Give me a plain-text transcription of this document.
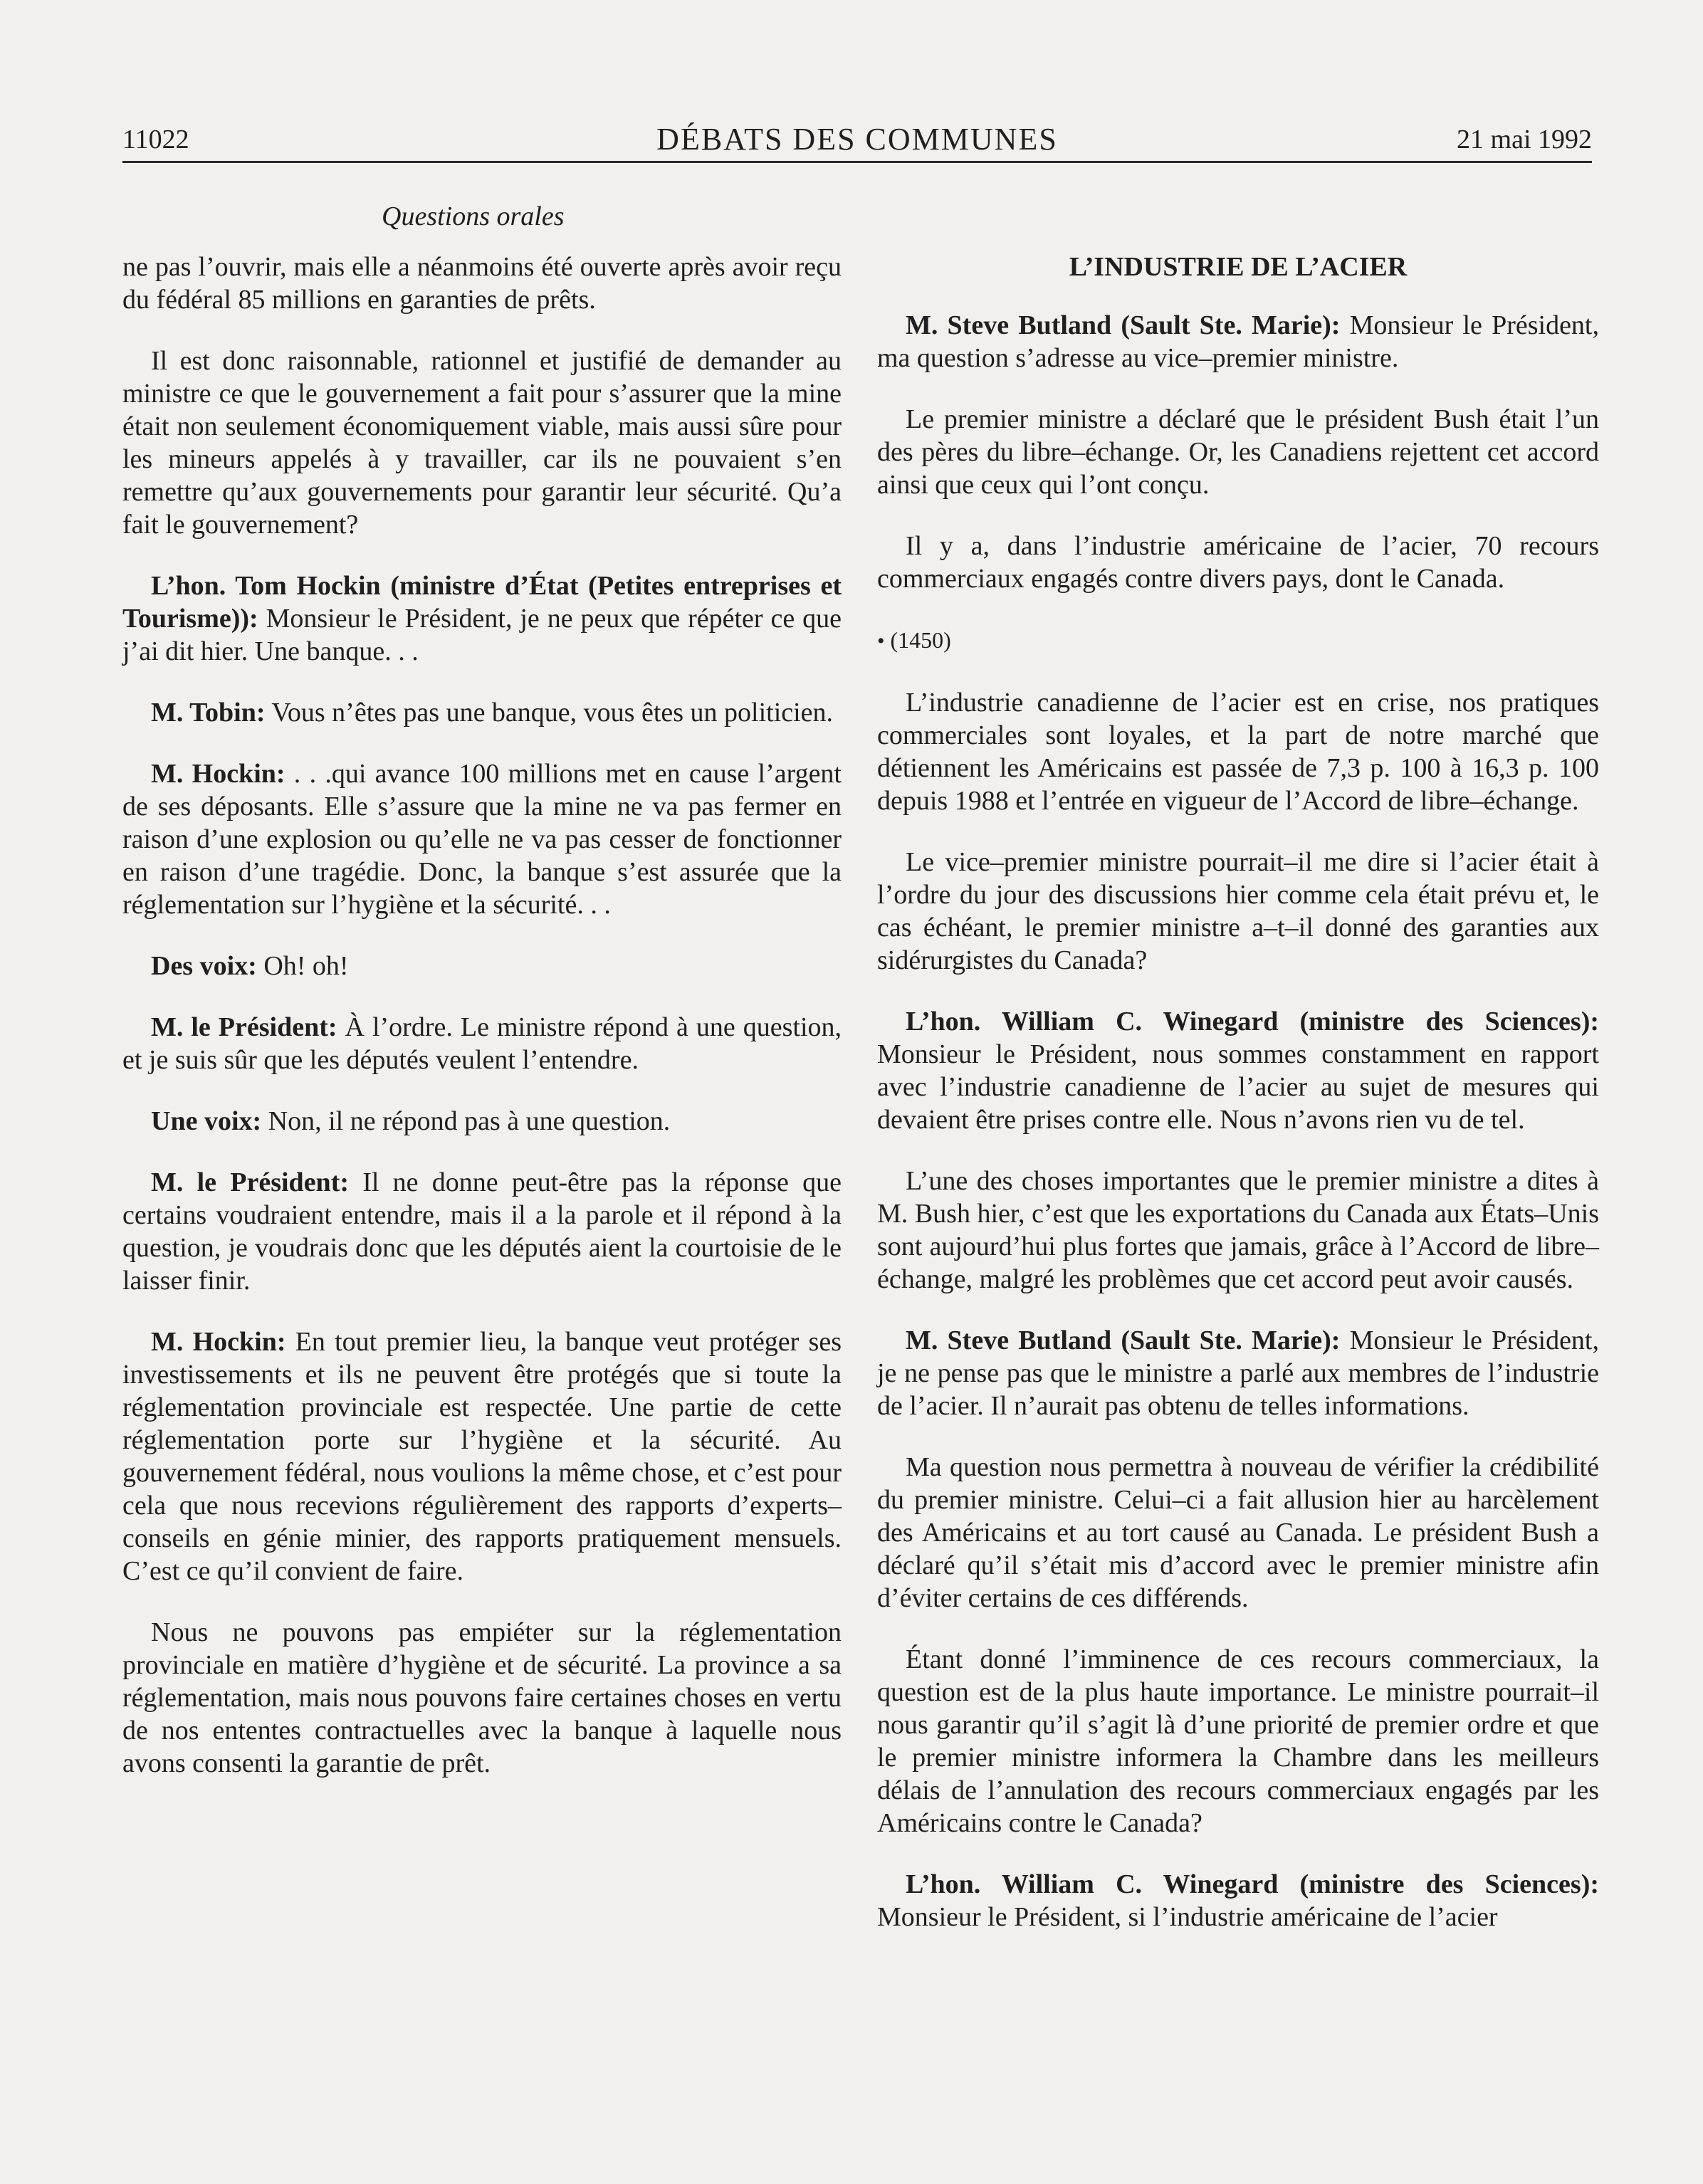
11022	DÉBATS DES COMMUNES	21 mai 1992
Questions orales

ne pas l’ouvrir, mais elle a néanmoins été ouverte après avoir reçu du fédéral 85 millions en garanties de prêts.

Il est donc raisonnable, rationnel et justifié de demander au ministre ce que le gouvernement a fait pour s’assurer que la mine était non seulement économiquement viable, mais aussi sûre pour les mineurs appelés à y travailler, car ils ne pouvaient s’en remettre qu’aux gouvernements pour garantir leur sécurité. Qu’a fait le gouvernement?

L’hon. Tom Hockin (ministre d’État (Petites entreprises et Tourisme)): Monsieur le Président, je ne peux que répéter ce que j’ai dit hier. Une banque. . .

M. Tobin: Vous n’êtes pas une banque, vous êtes un politicien.

M. Hockin: . . .qui avance 100 millions met en cause l’argent de ses déposants. Elle s’assure que la mine ne va pas fermer en raison d’une explosion ou qu’elle ne va pas cesser de fonctionner en raison d’une tragédie. Donc, la banque s’est assurée que la réglementation sur l’hygiène et la sécurité. . .

Des voix: Oh! oh!

M. le Président: À l’ordre. Le ministre répond à une question, et je suis sûr que les députés veulent l’entendre.

Une voix: Non, il ne répond pas à une question.

M. le Président: Il ne donne peut-être pas la réponse que certains voudraient entendre, mais il a la parole et il répond à la question, je voudrais donc que les députés aient la courtoisie de le laisser finir.

M. Hockin: En tout premier lieu, la banque veut protéger ses investissements et ils ne peuvent être protégés que si toute la réglementation provinciale est respectée. Une partie de cette réglementation porte sur l’hygiène et la sécurité. Au gouvernement fédéral, nous voulions la même chose, et c’est pour cela que nous recevions régulièrement des rapports d’experts–conseils en génie minier, des rapports pratiquement mensuels. C’est ce qu’il convient de faire.

Nous ne pouvons pas empiéter sur la réglementation provinciale en matière d’hygiène et de sécurité. La province a sa réglementation, mais nous pouvons faire certaines choses en vertu de nos ententes contractuelles avec la banque à laquelle nous avons consenti la garantie de prêt.

L’INDUSTRIE DE L’ACIER

M. Steve Butland (Sault Ste. Marie): Monsieur le Président, ma question s’adresse au vice–premier ministre.

Le premier ministre a déclaré que le président Bush était l’un des pères du libre–échange. Or, les Canadiens rejettent cet accord ainsi que ceux qui l’ont conçu.

Il y a, dans l’industrie américaine de l’acier, 70 recours commerciaux engagés contre divers pays, dont le Canada.

• (1450)

L’industrie canadienne de l’acier est en crise, nos pratiques commerciales sont loyales, et la part de notre marché que détiennent les Américains est passée de 7,3 p. 100 à 16,3 p. 100 depuis 1988 et l’entrée en vigueur de l’Accord de libre–échange.

Le vice–premier ministre pourrait–il me dire si l’acier était à l’ordre du jour des discussions hier comme cela était prévu et, le cas échéant, le premier ministre a–t–il donné des garanties aux sidérurgistes du Canada?

L’hon. William C. Winegard (ministre des Sciences): Monsieur le Président, nous sommes constamment en rapport avec l’industrie canadienne de l’acier au sujet de mesures qui devaient être prises contre elle. Nous n’avons rien vu de tel.

L’une des choses importantes que le premier ministre a dites à M. Bush hier, c’est que les exportations du Canada aux États–Unis sont aujourd’hui plus fortes que jamais, grâce à l’Accord de libre–échange, malgré les problèmes que cet accord peut avoir causés.

M. Steve Butland (Sault Ste. Marie): Monsieur le Président, je ne pense pas que le ministre a parlé aux membres de l’industrie de l’acier. Il n’aurait pas obtenu de telles informations.

Ma question nous permettra à nouveau de vérifier la crédibilité du premier ministre. Celui–ci a fait allusion hier au harcèlement des Américains et au tort causé au Canada. Le président Bush a déclaré qu’il s’était mis d’accord avec le premier ministre afin d’éviter certains de ces différends.

Étant donné l’imminence de ces recours commerciaux, la question est de la plus haute importance. Le ministre pourrait–il nous garantir qu’il s’agit là d’une priorité de premier ordre et que le premier ministre informera la Chambre dans les meilleurs délais de l’annulation des recours commerciaux engagés par les Américains contre le Canada?

L’hon. William C. Winegard (ministre des Sciences): Monsieur le Président, si l’industrie américaine de l’acier
